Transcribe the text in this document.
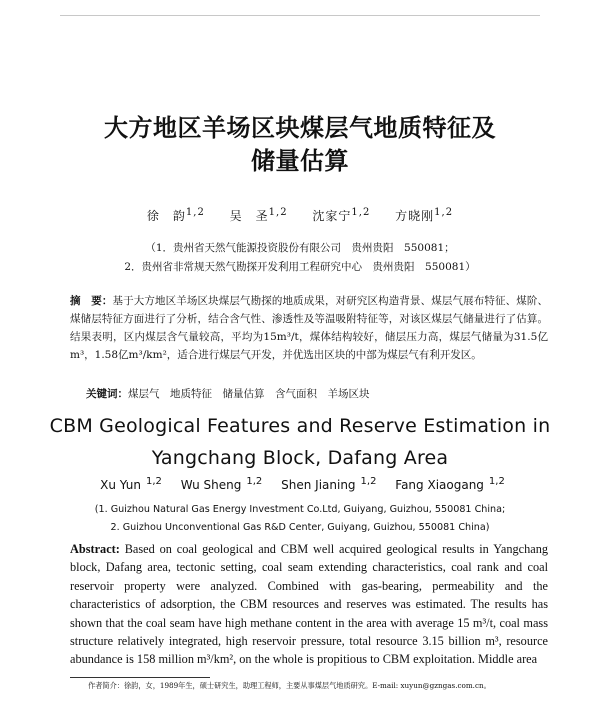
大方地区羊场区块煤层气地质特征及
储量估算
徐　韵$^{1,2}$   吴　圣$^{1,2}$   沈家宁$^{1,2}$   方晓刚$^{1,2}$
（1．贵州省天然气能源投资股份有限公司　贵州贵阳　550081；
2．贵州省非常规天然气勘探开发利用工程研究中心　贵州贵阳　550081）
摘　要：基于大方地区羊场区块煤层气勘探的地质成果，对研究区构造背景、煤层气展布特征、煤阶、煤储层特征方面进行了分析，结合含气性、渗透性及等温吸附特征等，对该区煤层气储量进行了估算。结果表明，区内煤层含气量较高，平均为15m³/t，煤体结构较好，储层压力高，煤层气储量为31.5亿m³，1.58亿m³/km²，适合进行煤层气开发，并优选出区块的中部为煤层气有利开发区。
关键词：煤层气　地质特征　储量估算　含气面积　羊场区块
CBM Geological Features and Reserve Estimation in
Yangchang Block, Dafang Area
Xu Yun $^{1,2}$ Wu Sheng $^{1,2}$ Shen Jianing $^{1,2}$ Fang Xiaogang $^{1,2}$
(1. Guizhou Natural Gas Energy Investment Co.Ltd, Guiyang, Guizhou, 550081 China;
2. Guizhou Unconventional Gas R&D Center, Guiyang, Guizhou, 550081 China)
Abstract: Based on coal geological and CBM well acquired geological results in Yangchang block, Dafang area, tectonic setting, coal seam extending characteristics, coal rank and coal reservoir property were analyzed. Combined with gas-bearing, permeability and the characteristics of adsorption, the CBM resources and reserves was estimated. The results has shown that the coal seam have high methane content in the area with average 15 m³/t, coal mass structure relatively integrated, high reservoir pressure, total resource 3.15 billion m³, resource abundance is 158 million m³/km², on the whole is propitious to CBM exploitation. Middle area
作者简介：徐韵，女，1989年生，硕士研究生，助理工程师，主要从事煤层气地质研究。E-mail: xuyun@gzngas.com.cn。
